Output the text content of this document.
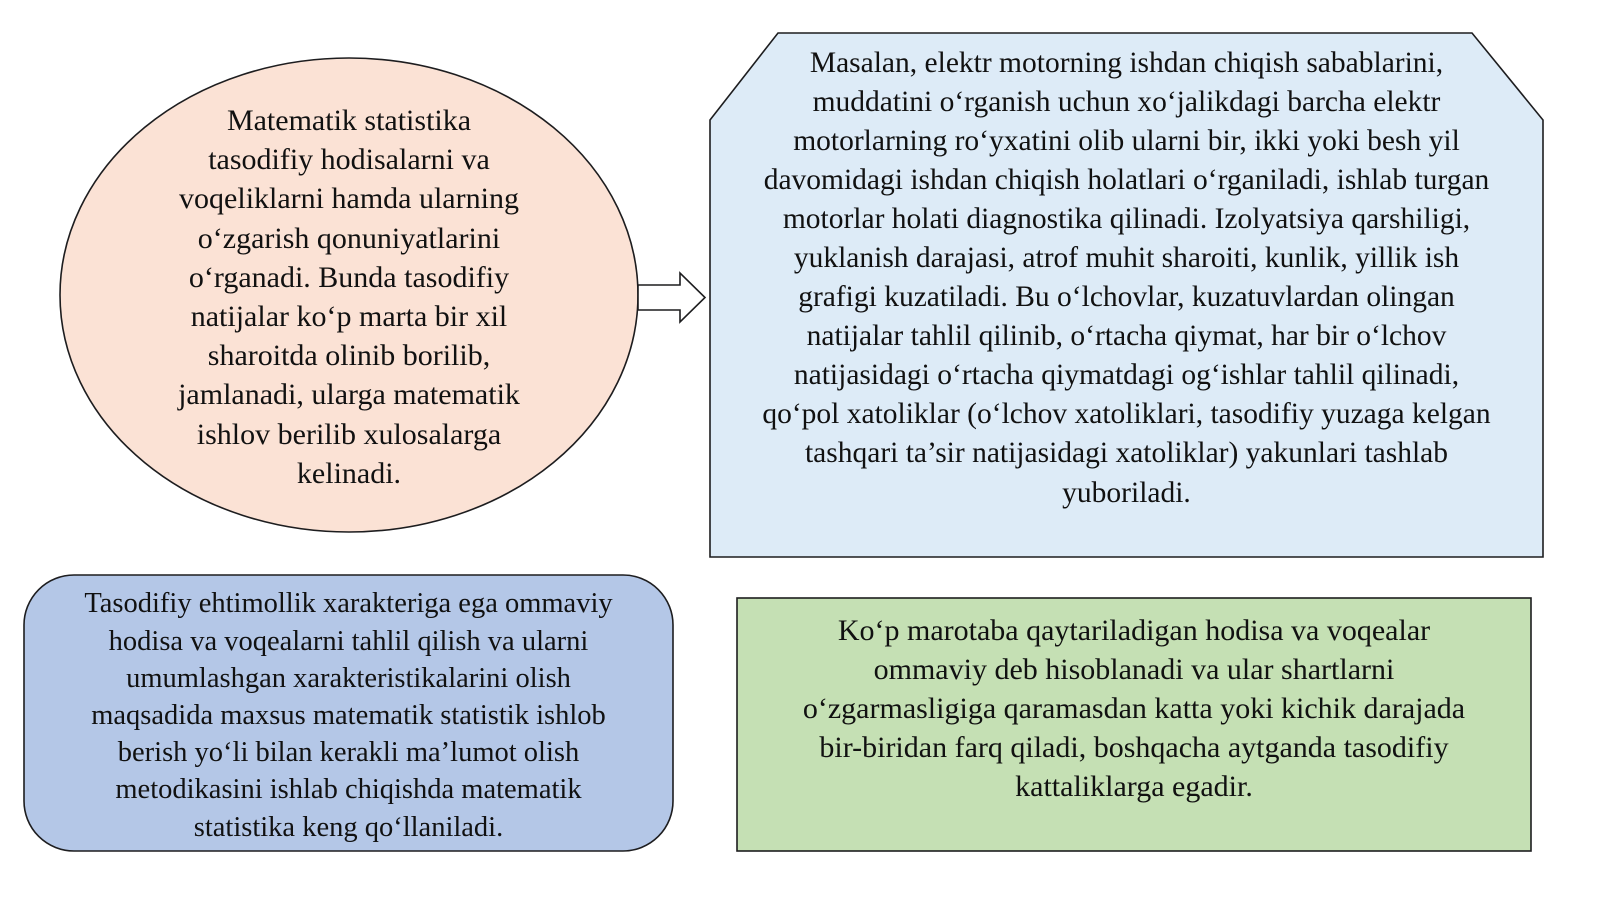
Matematik statistika
tasodifiy hodisalarni va
voqeliklarni hamda ularning
o‘zgarish qonuniyatlarini
o‘rganadi. Bunda tasodifiy
natijalar ko‘p marta bir xil
sharoitda olinib borilib,
jamlanadi, ularga matematik
ishlov berilib xulosalarga
kelinadi.
Masalan, elektr motorning ishdan chiqish sabablarini,
muddatini o‘rganish uchun xo‘jalikdagi barcha elektr
motorlarning ro‘yxatini olib ularni bir, ikki yoki besh yil
davomidagi ishdan chiqish holatlari o‘rganiladi, ishlab turgan
motorlar holati diagnostika qilinadi. Izolyatsiya qarshiligi,
yuklanish darajasi, atrof muhit sharoiti, kunlik, yillik ish
grafigi kuzatiladi. Bu o‘lchovlar, kuzatuvlardan olingan
natijalar tahlil qilinib, o‘rtacha qiymat, har bir o‘lchov
natijasidagi o‘rtacha qiymatdagi og‘ishlar tahlil qilinadi,
qo‘pol xatoliklar (o‘lchov xatoliklari, tasodifiy yuzaga kelgan
tashqari ta’sir natijasidagi xatoliklar) yakunlari tashlab
yuboriladi.
Tasodifiy ehtimollik xarakteriga ega ommaviy
hodisa va voqealarni tahlil qilish va ularni
umumlashgan xarakteristikalarini olish
maqsadida maxsus matematik statistik ishlob
berish yo‘li bilan kerakli ma’lumot olish
metodikasini ishlab chiqishda matematik
statistika keng qo‘llaniladi.
Ko‘p marotaba qaytariladigan hodisa va voqealar
ommaviy deb hisoblanadi va ular shartlarni
o‘zgarmasligiga qaramasdan katta yoki kichik darajada
bir-biridan farq qiladi, boshqacha aytganda tasodifiy
kattaliklarga egadir.
